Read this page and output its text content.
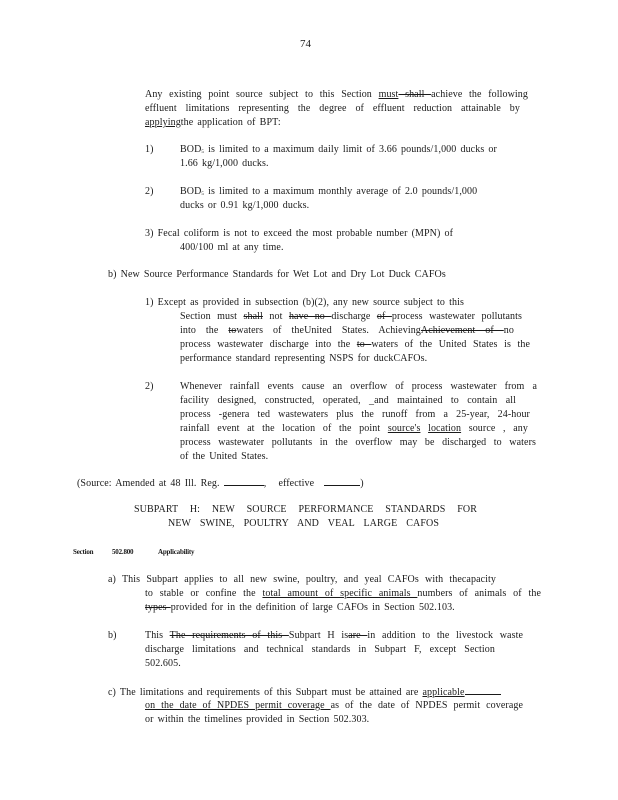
74
Any existing point source subject to this Section must shall achieve the following
effluent limitations representing the degree of effluent reduction attainable by
applyingthe application of BPT:
1)	$BOD_5$ is limited to a maximum daily limit of 3.66 pounds/1,000 ducks or
1.66 kg/1,000 ducks.
2)	$BOD_5$ is limited to a maximum monthly average of 2.0 pounds/1,000
ducks or 0.91 kg/1,000 ducks.
3) Fecal coliform is not to exceed the most probable number (MPN) of
400/100 ml at any time.
b) New Source Performance Standards for Wet Lot and Dry Lot Duck CAFOs
1) Except as provided in subsection (b)(2), any new source subject to this
Section must shall not have no discharge of process wastewater pollutants
into the towaters of theUnited States. AchievingAchievement of no
process wastewater discharge into the to waters of the United States is the
performance standard representing NSPS for duckCAFOs.
2)	Whenever rainfall events cause an overflow of process wastewater from a
facility designed, constructed, operated, _and maintained to contain all
process -genera ted wastewaters plus the runoff from a 25-year, 24-hour
rainfall event at the location of the point source's location source , any
process wastewater pollutants in the overflow may be discharged to waters
of the United States.
(Source: Amended at 48 Ill. Reg.	, effective	)
SUBPART H: NEW SOURCE PERFORMANCE STANDARDS FOR
NEW SWINE, POULTRY AND VEAL LARGE CAFOS
Section	502.800	Applicability
a) This Subpart applies to all new swine, poultry, and yeal CAFOs with thecapacity
to stable or confine the total amount of specific animals numbers of animals of the
types provided for in the definition of large CAFOs in Section 502.103.
b)	This The requirements of this Subpart H isare in addition to the livestock waste
discharge limitations and technical standards in Subpart F, except Section
502.605.
c) The limitations and requirements of this Subpart must be attained are applicable
on the date of NPDES permit coverage as of the date of NPDES permit coverage
or within the timelines provided in Section 502.303.
